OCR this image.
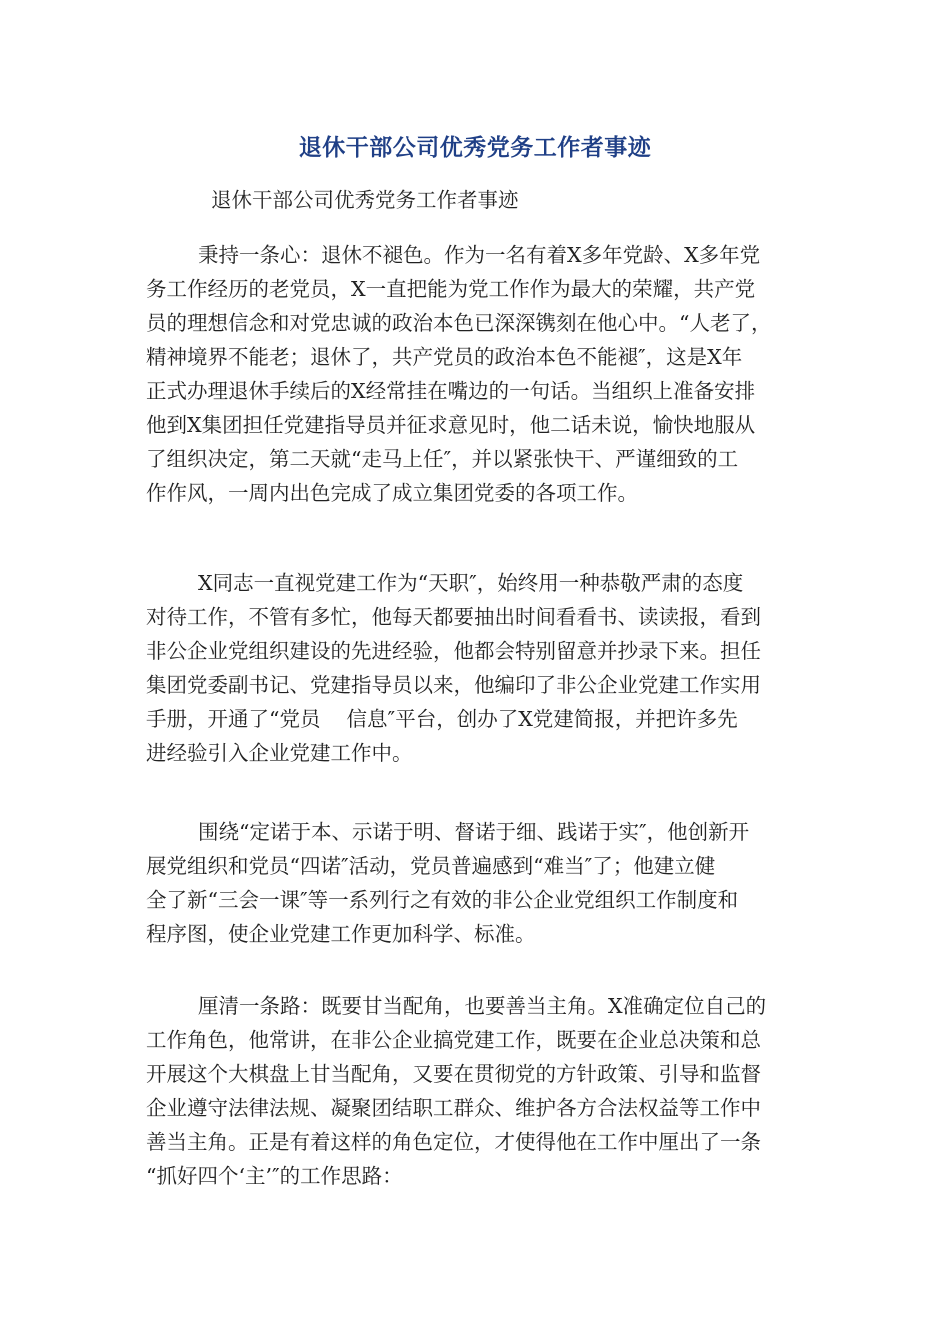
退休干部公司优秀党务工作者事迹
退休干部公司优秀党务工作者事迹
秉持一条心：退休不褪色。作为一名有着X多年党龄、X多年党
务工作经历的老党员，X一直把能为党工作作为最大的荣耀，共产党
员的理想信念和对党忠诚的政治本色已深深镌刻在他心中。“人老了，
精神境界不能老；退休了，共产党员的政治本色不能褪″，这是X年
正式办理退休手续后的X经常挂在嘴边的一句话。当组织上准备安排
他到X集团担任党建指导员并征求意见时，他二话未说，愉快地服从
了组织决定，第二天就“走马上任″，并以紧张快干、严谨细致的工
作作风，一周内出色完成了成立集团党委的各项工作。
X同志一直视党建工作为“天职″，始终用一种恭敬严肃的态度
对待工作，不管有多忙，他每天都要抽出时间看看书、读读报，看到
非公企业党组织建设的先进经验，他都会特别留意并抄录下来。担任
集团党委副书记、党建指导员以来，他编印了非公企业党建工作实用
手册，开通了“党员    信息″平台，创办了X党建简报，并把许多先
进经验引入企业党建工作中。
围绕“定诺于本、示诺于明、督诺于细、践诺于实″，他创新开
展党组织和党员“四诺″活动，党员普遍感到“难当″了；他建立健
全了新“三会一课″等一系列行之有效的非公企业党组织工作制度和
程序图，使企业党建工作更加科学、标准。
厘清一条路：既要甘当配角，也要善当主角。X准确定位自己的
工作角色，他常讲，在非公企业搞党建工作，既要在企业总决策和总
开展这个大棋盘上甘当配角，又要在贯彻党的方针政策、引导和监督
企业遵守法律法规、凝聚团结职工群众、维护各方合法权益等工作中
善当主角。正是有着这样的角色定位，才使得他在工作中厘出了一条
“抓好四个‘主’″的工作思路：
